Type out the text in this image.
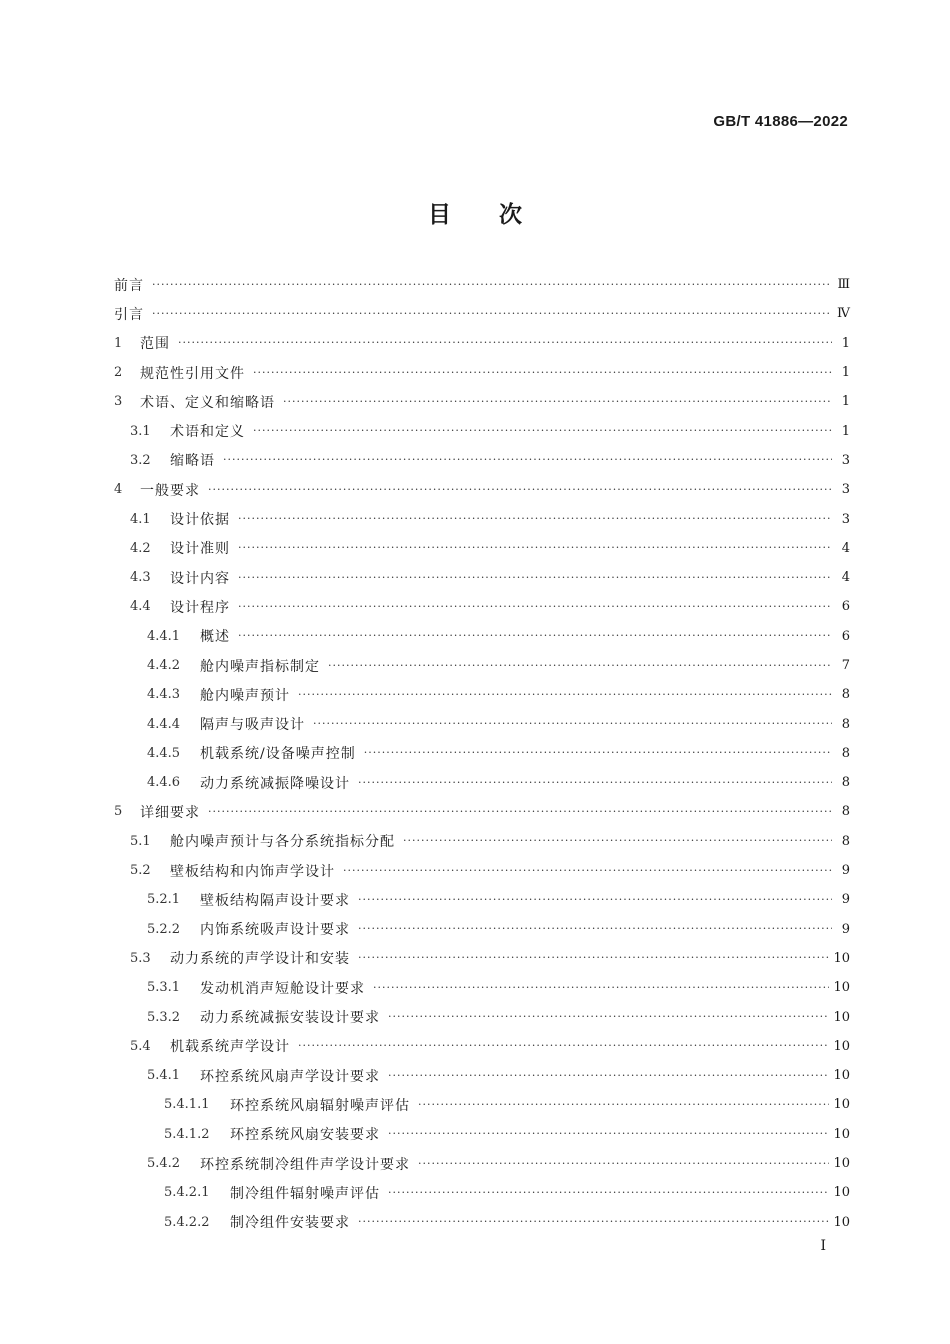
GB/T 41886—2022
目次
前言 ·····	Ⅲ
引言 ·····	Ⅳ
1	范围 ·····	1
2	规范性引用文件 ·····	1
3	术语、定义和缩略语 ·····	1
3.1	术语和定义 ·····	1
3.2	缩略语 ·····	3
4	一般要求 ·····	3
4.1	设计依据 ·····	3
4.2	设计准则 ·····	4
4.3	设计内容 ·····	4
4.4	设计程序 ·····	6
4.4.1	概述 ·····	6
4.4.2	舱内噪声指标制定 ·····	7
4.4.3	舱内噪声预计 ·····	8
4.4.4	隔声与吸声设计 ·····	8
4.4.5	机载系统/设备噪声控制 ·····	8
4.4.6	动力系统减振降噪设计 ·····	8
5	详细要求 ·····	8
5.1	舱内噪声预计与各分系统指标分配 ·····	8
5.2	壁板结构和内饰声学设计 ·····	9
5.2.1	壁板结构隔声设计要求 ·····	9
5.2.2	内饰系统吸声设计要求 ·····	9
5.3	动力系统的声学设计和安装 ·····	10
5.3.1	发动机消声短舱设计要求 ·····	10
5.3.2	动力系统减振安装设计要求 ·····	10
5.4	机载系统声学设计 ·····	10
5.4.1	环控系统风扇声学设计要求 ·····	10
5.4.1.1	环控系统风扇辐射噪声评估 ·····	10
5.4.1.2	环控系统风扇安装要求 ·····	10
5.4.2	环控系统制冷组件声学设计要求 ·····	10
5.4.2.1	制冷组件辐射噪声评估 ·····	10
5.4.2.2	制冷组件安装要求 ·····	10
I
